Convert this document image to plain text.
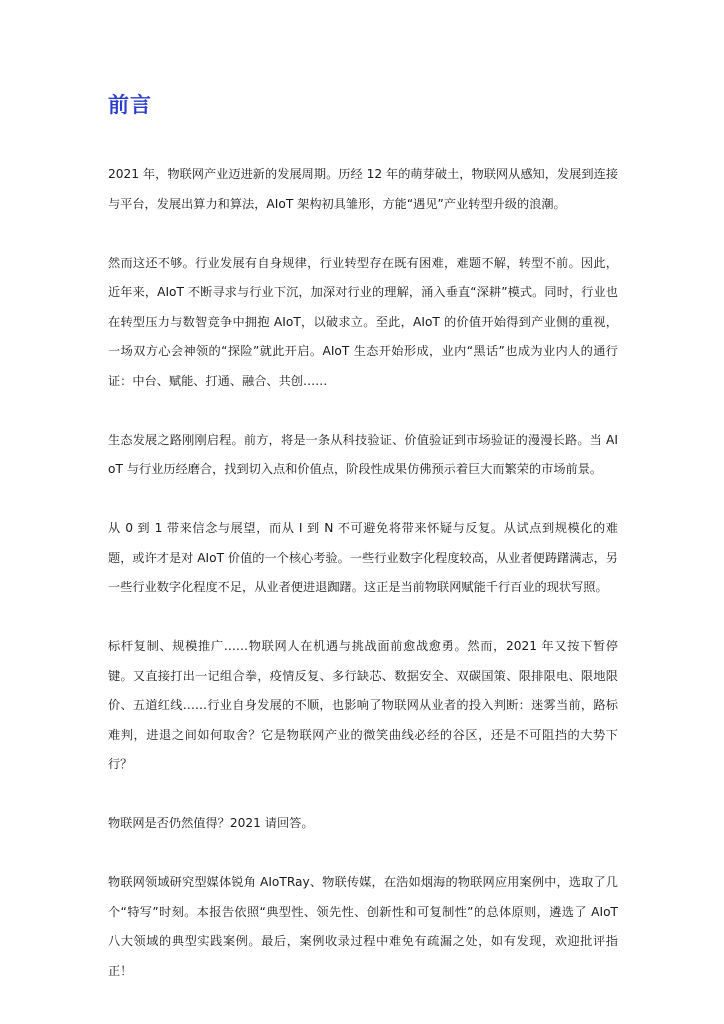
前言

2021 年，物联网产业迈进新的发展周期。历经 12 年的萌芽破土，物联网从感知，发展到连接与平台，发展出算力和算法，AIoT 架构初具雏形，方能“遇见”产业转型升级的浪潮。

然而这还不够。行业发展有自身规律，行业转型存在既有困难，难题不解，转型不前。因此，近年来，AIoT 不断寻求与行业下沉，加深对行业的理解，涌入垂直“深耕”模式。同时，行业也在转型压力与数智竞争中拥抱 AIoT，以破求立。至此，AIoT 的价值开始得到产业侧的重视，一场双方心会神领的“探险”就此开启。AIoT 生态开始形成，业内“黑话”也成为业内人的通行证：中台、赋能、打通、融合、共创……

生态发展之路刚刚启程。前方，将是一条从科技验证、价值验证到市场验证的漫漫长路。当 AIoT 与行业历经磨合，找到切入点和价值点，阶段性成果仿佛预示着巨大而繁荣的市场前景。

从 0 到 1 带来信念与展望，而从 I 到 N 不可避免将带来怀疑与反复。从试点到规模化的难题，或许才是对 AIoT 价值的一个核心考验。一些行业数字化程度较高，从业者便踌躇满志，另一些行业数字化程度不足，从业者便进退踟躇。这正是当前物联网赋能千行百业的现状写照。

标杆复制、规模推广……物联网人在机遇与挑战面前愈战愈勇。然而，2021 年又按下暂停键。又直接打出一记组合拳，疫情反复、多行缺芯、数据安全、双碳国策、限排限电、限地限价、五道红线……行业自身发展的不顺，也影响了物联网从业者的投入判断：迷雾当前，路标难判，进退之间如何取舍？它是物联网产业的微笑曲线必经的谷区，还是不可阻挡的大势下行？

物联网是否仍然值得？2021 请回答。

物联网领域研究型媒体锐角 AIoTRay、物联传媒，在浩如烟海的物联网应用案例中，选取了几个“特写”时刻。本报告依照“典型性、领先性、创新性和可复制性”的总体原则，遴选了 AIoT 八大领域的典型实践案例。最后，案例收录过程中难免有疏漏之处，如有发现，欢迎批评指正！
